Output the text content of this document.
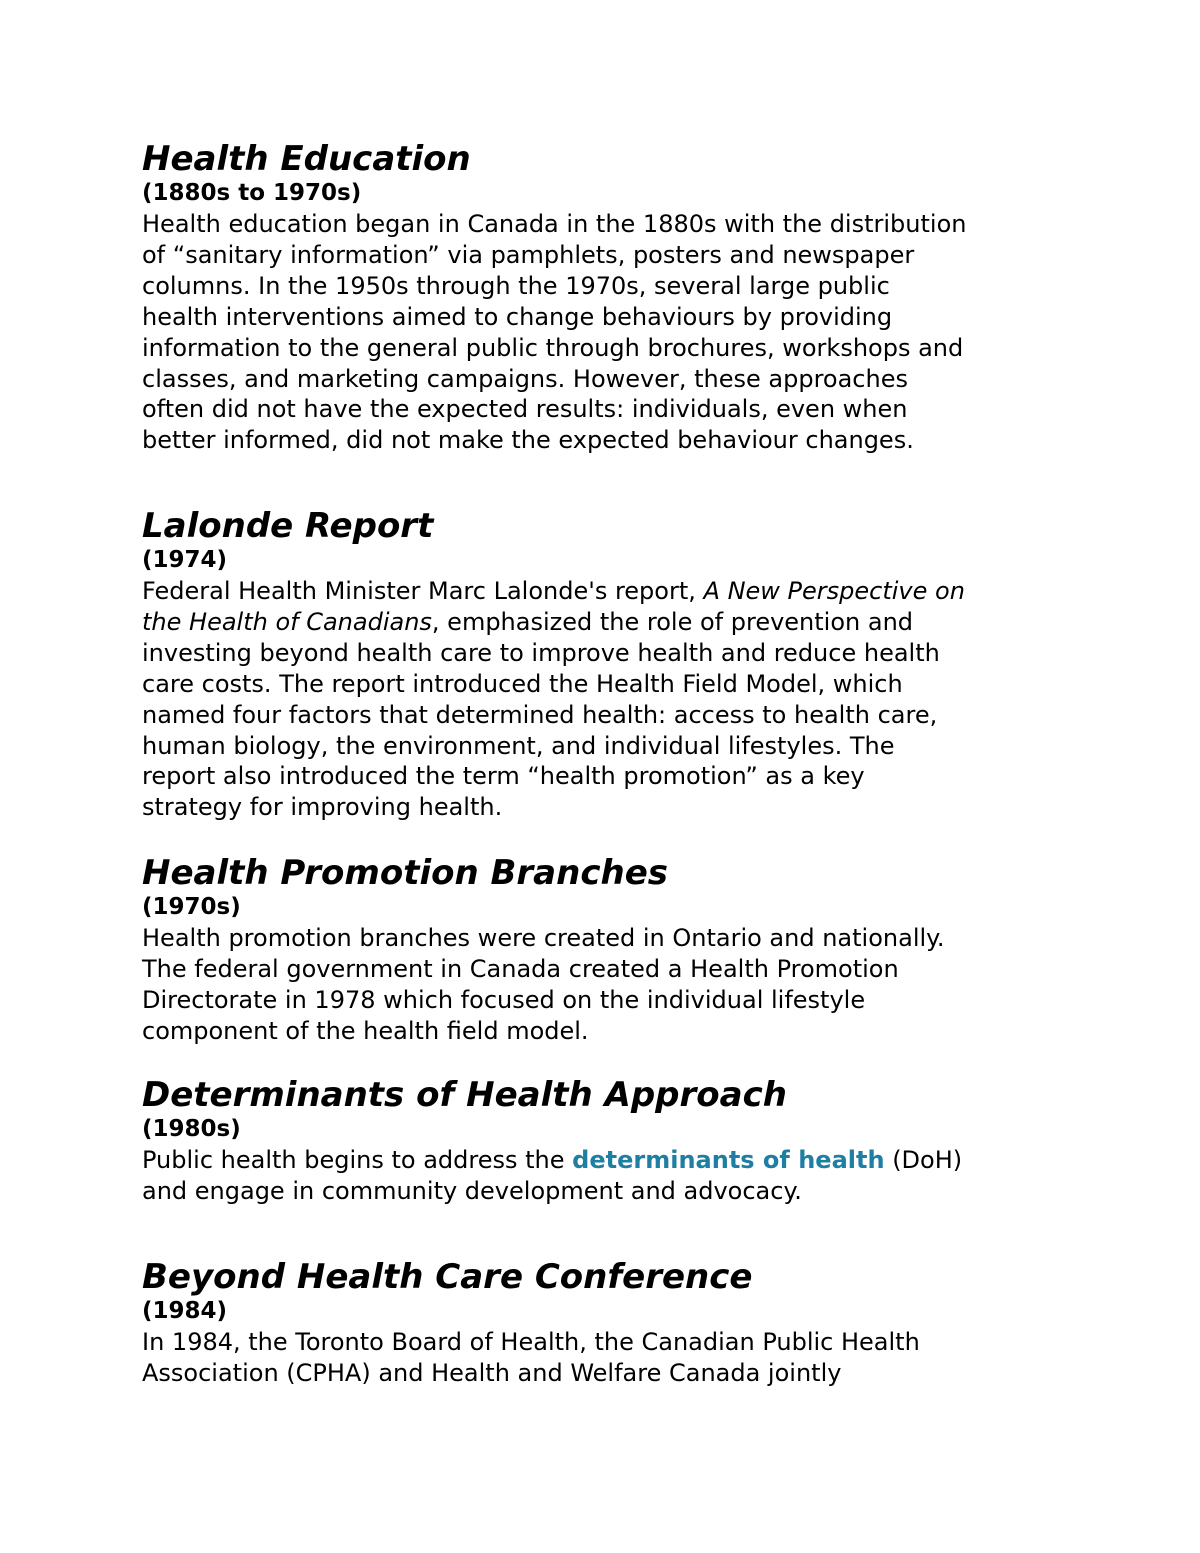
Health Education
(1880s to 1970s)

Health education began in Canada in the 1880s with the distribution
of “sanitary information” via pamphlets, posters and newspaper
columns. In the 1950s through the 1970s, several large public
health interventions aimed to change behaviours by providing
information to the general public through brochures, workshops and
classes, and marketing campaigns. However, these approaches
often did not have the expected results: individuals, even when
better informed, did not make the expected behaviour changes.

Lalonde Report
(1974)

Federal Health Minister Marc Lalonde's report, A New Perspective on
the Health of Canadians, emphasized the role of prevention and
investing beyond health care to improve health and reduce health
care costs. The report introduced the Health Field Model, which
named four factors that determined health: access to health care,
human biology, the environment, and individual lifestyles. The
report also introduced the term “health promotion” as a key
strategy for improving health.

Health Promotion Branches
(1970s)

Health promotion branches were created in Ontario and nationally.
The federal government in Canada created a Health Promotion
Directorate in 1978 which focused on the individual lifestyle
component of the health field model.

Determinants of Health Approach
(1980s)

Public health begins to address the determinants of health (DoH)
and engage in community development and advocacy.

Beyond Health Care Conference
(1984)

In 1984, the Toronto Board of Health, the Canadian Public Health
Association (CPHA) and Health and Welfare Canada jointly
